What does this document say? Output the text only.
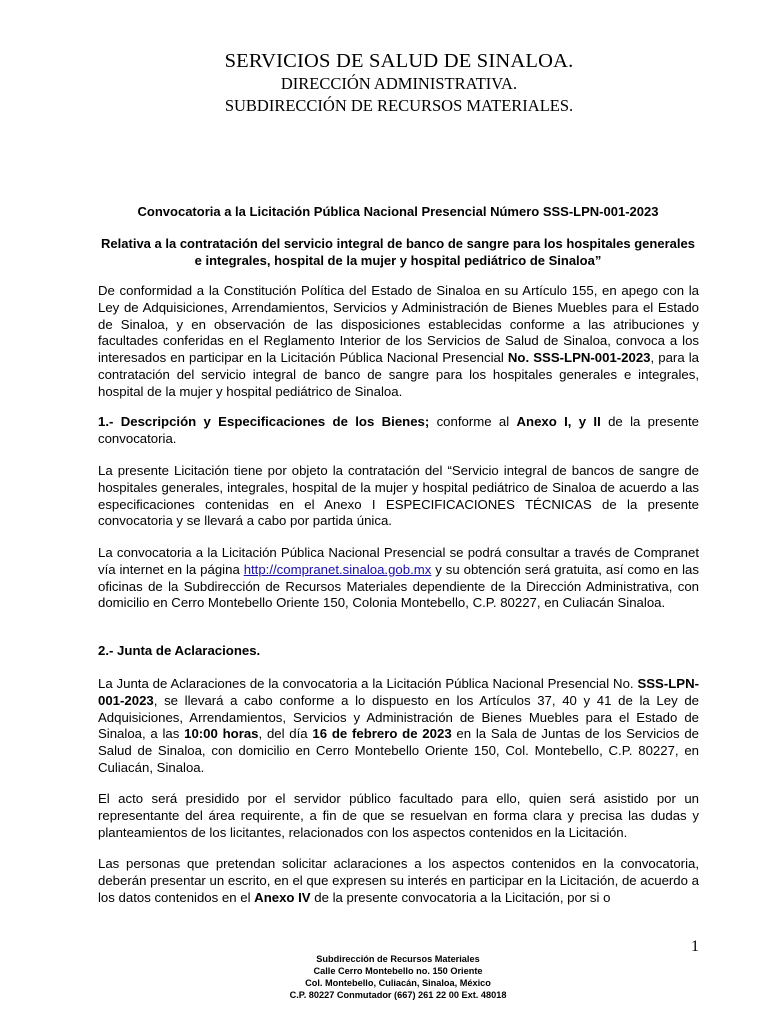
SERVICIOS DE SALUD DE SINALOA.
DIRECCIÓN ADMINISTRATIVA.
SUBDIRECCIÓN DE RECURSOS MATERIALES.
Convocatoria a la Licitación Pública Nacional Presencial Número SSS-LPN-001-2023
Relativa a la contratación del servicio integral de banco de sangre para los hospitales generales e integrales, hospital de la mujer y hospital pediátrico de Sinaloa”
De conformidad a la Constitución Política del Estado de Sinaloa en su Artículo 155, en apego con la Ley de Adquisiciones, Arrendamientos, Servicios y Administración de Bienes Muebles para el Estado de Sinaloa, y en observación de las disposiciones establecidas conforme a las atribuciones y facultades conferidas en el Reglamento Interior de los Servicios de Salud de Sinaloa, convoca a los interesados en participar en la Licitación Pública Nacional Presencial No. SSS-LPN-001-2023, para la contratación del servicio integral de banco de sangre para los hospitales generales e integrales, hospital de la mujer y hospital pediátrico de Sinaloa.
1.- Descripción y Especificaciones de los Bienes; conforme al Anexo I, y II de la presente convocatoria.
La presente Licitación tiene por objeto la contratación del “Servicio integral de bancos de sangre de hospitales generales, integrales, hospital de la mujer y hospital pediátrico de Sinaloa de acuerdo a las especificaciones contenidas en el Anexo I ESPECIFICACIONES TÉCNICAS de la presente convocatoria y se llevará a cabo por partida única.
La convocatoria a la Licitación Pública Nacional Presencial se podrá consultar a través de Compranet vía internet en la página http://compranet.sinaloa.gob.mx y su obtención será gratuita, así como en las oficinas de la Subdirección de Recursos Materiales dependiente de la Dirección Administrativa, con domicilio en Cerro Montebello Oriente 150, Colonia Montebello, C.P. 80227, en Culiacán Sinaloa.
2.- Junta de Aclaraciones.
La Junta de Aclaraciones de la convocatoria a la Licitación Pública Nacional Presencial No. SSS-LPN-001-2023, se llevará a cabo conforme a lo dispuesto en los Artículos 37, 40 y 41 de la Ley de Adquisiciones, Arrendamientos, Servicios y Administración de Bienes Muebles para el Estado de Sinaloa, a las 10:00 horas, del día 16 de febrero de 2023 en la Sala de Juntas de los Servicios de Salud de Sinaloa, con domicilio en Cerro Montebello Oriente 150, Col. Montebello, C.P. 80227, en Culiacán, Sinaloa.
El acto será presidido por el servidor público facultado para ello, quien será asistido por un representante del área requirente, a fin de que se resuelvan en forma clara y precisa las dudas y planteamientos de los licitantes, relacionados con los aspectos contenidos en la Licitación.
Las personas que pretendan solicitar aclaraciones a los aspectos contenidos en la convocatoria, deberán presentar un escrito, en el que expresen su interés en participar en la Licitación, de acuerdo a los datos contenidos en el Anexo IV de la presente convocatoria a la Licitación, por si o
1
Subdirección de Recursos Materiales
Calle Cerro Montebello no. 150 Oriente
Col. Montebello, Culiacán, Sinaloa, México
C.P. 80227 Conmutador (667) 261 22 00 Ext. 48018
